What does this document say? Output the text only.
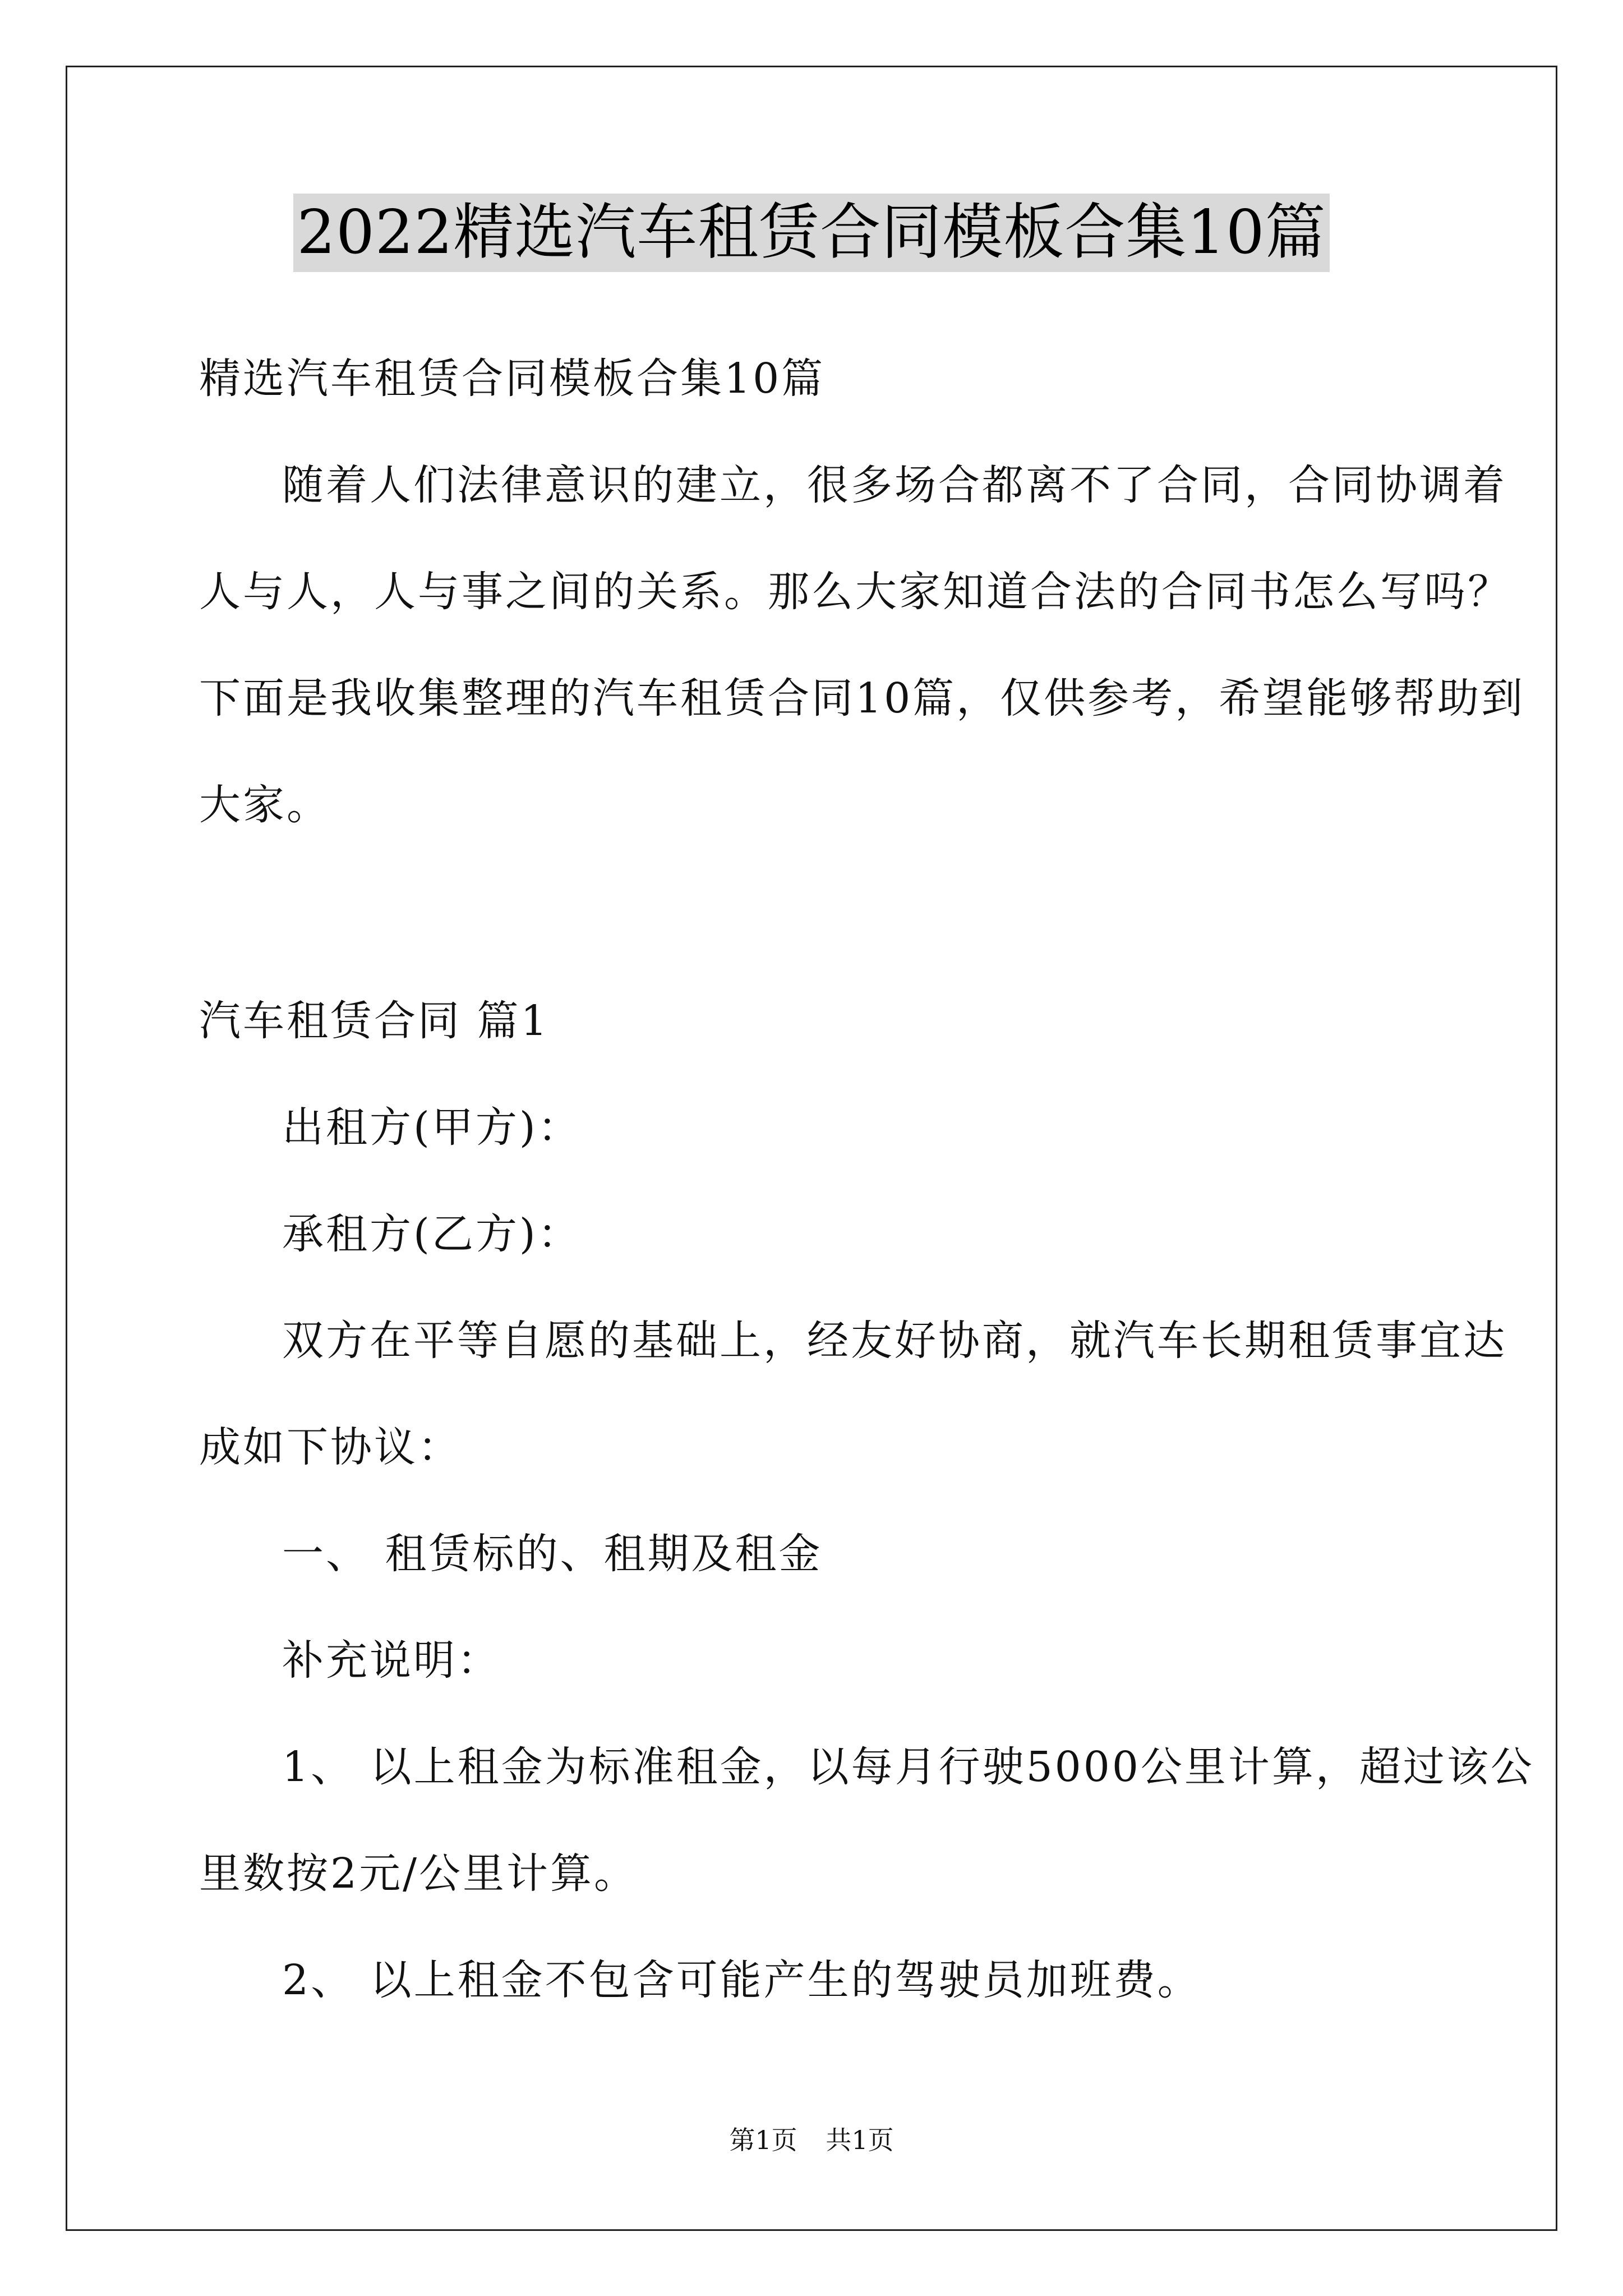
2022精选汽车租赁合同模板合集10篇
精选汽车租赁合同模板合集10篇
随着人们法律意识的建立，很多场合都离不了合同，合同协调着
人与人，人与事之间的关系。那么大家知道合法的合同书怎么写吗？
下面是我收集整理的汽车租赁合同10篇，仅供参考，希望能够帮助到
大家。
汽车租赁合同 篇1
出租方(甲方)：
承租方(乙方)：
双方在平等自愿的基础上，经友好协商，就汽车长期租赁事宜达
成如下协议：
一、 租赁标的、租期及租金
补充说明：
1、 以上租金为标准租金，以每月行驶5000公里计算，超过该公
里数按2元/公里计算。
2、 以上租金不包含可能产生的驾驶员加班费。
第1页 共1页
